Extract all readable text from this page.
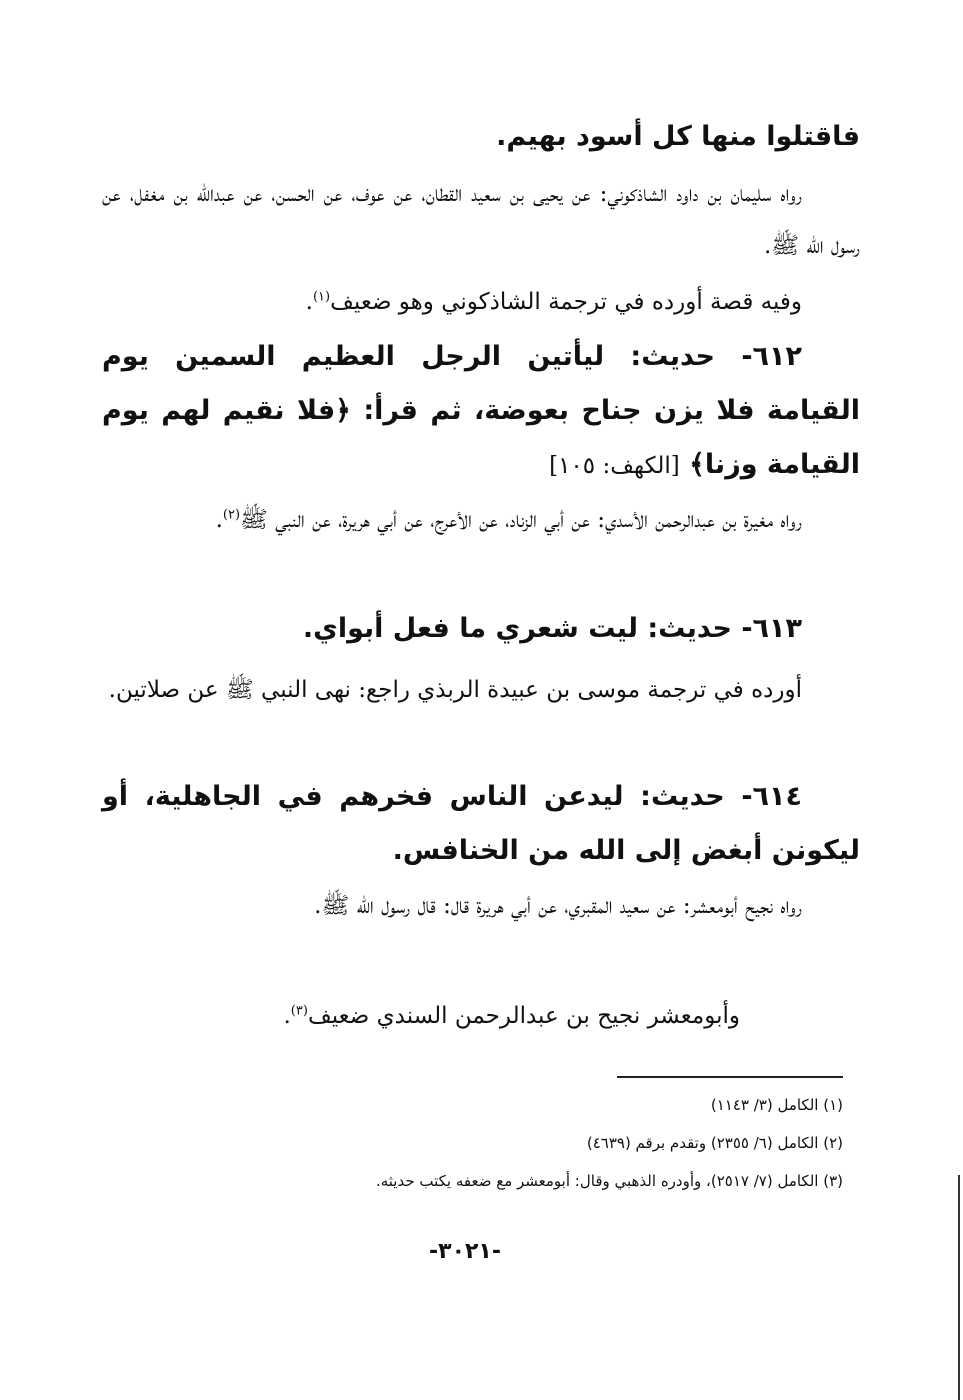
فاقتلوا منها كل أسود بهيم.
رواه سليمان بن داود الشاذكوني: عن يحيى بن سعيد القطان، عن عوف، عن الحسن، عن عبدالله بن مغفل، عن رسول الله ﷺ.
وفيه قصة أورده في ترجمة الشاذكوني وهو ضعيف$^{(١)}$.
٦١٢- حديث: ليأتين الرجل العظيم السمين يوم القيامة فلا يزن جناح بعوضة، ثم قرأ: ﴿فلا نقيم لهم يوم القيامة وزنا﴾ [الكهف: ١٠٥]
رواه مغيرة بن عبدالرحمن الأسدي: عن أبي الزناد، عن الأعرج، عن أبي هريرة، عن النبي ﷺ$^{(٢)}$.
٦١٣- حديث: ليت شعري ما فعل أبواي.
أورده في ترجمة موسى بن عبيدة الربذي راجع: نهى النبي ﷺ عن صلاتين.
٦١٤- حديث: ليدعن الناس فخرهم في الجاهلية، أو ليكونن أبغض إلى الله من الخنافس.
رواه نجيح أبومعشر: عن سعيد المقبري، عن أبي هريرة قال: قال رسول الله ﷺ.
وأبومعشر نجيح بن عبدالرحمن السندي ضعيف$^{(٣)}$.
(١) الكامل (٣/ ١١٤٣)
(٢) الكامل (٦/ ٢٣٥٥) وتقدم برقم (٤٦٣٩)
(٣) الكامل (٧/ ٢٥١٧)، وأودره الذهبي وقال: أبومعشر مع ضعفه يكتب حديثه.
-٣٠٢١-
